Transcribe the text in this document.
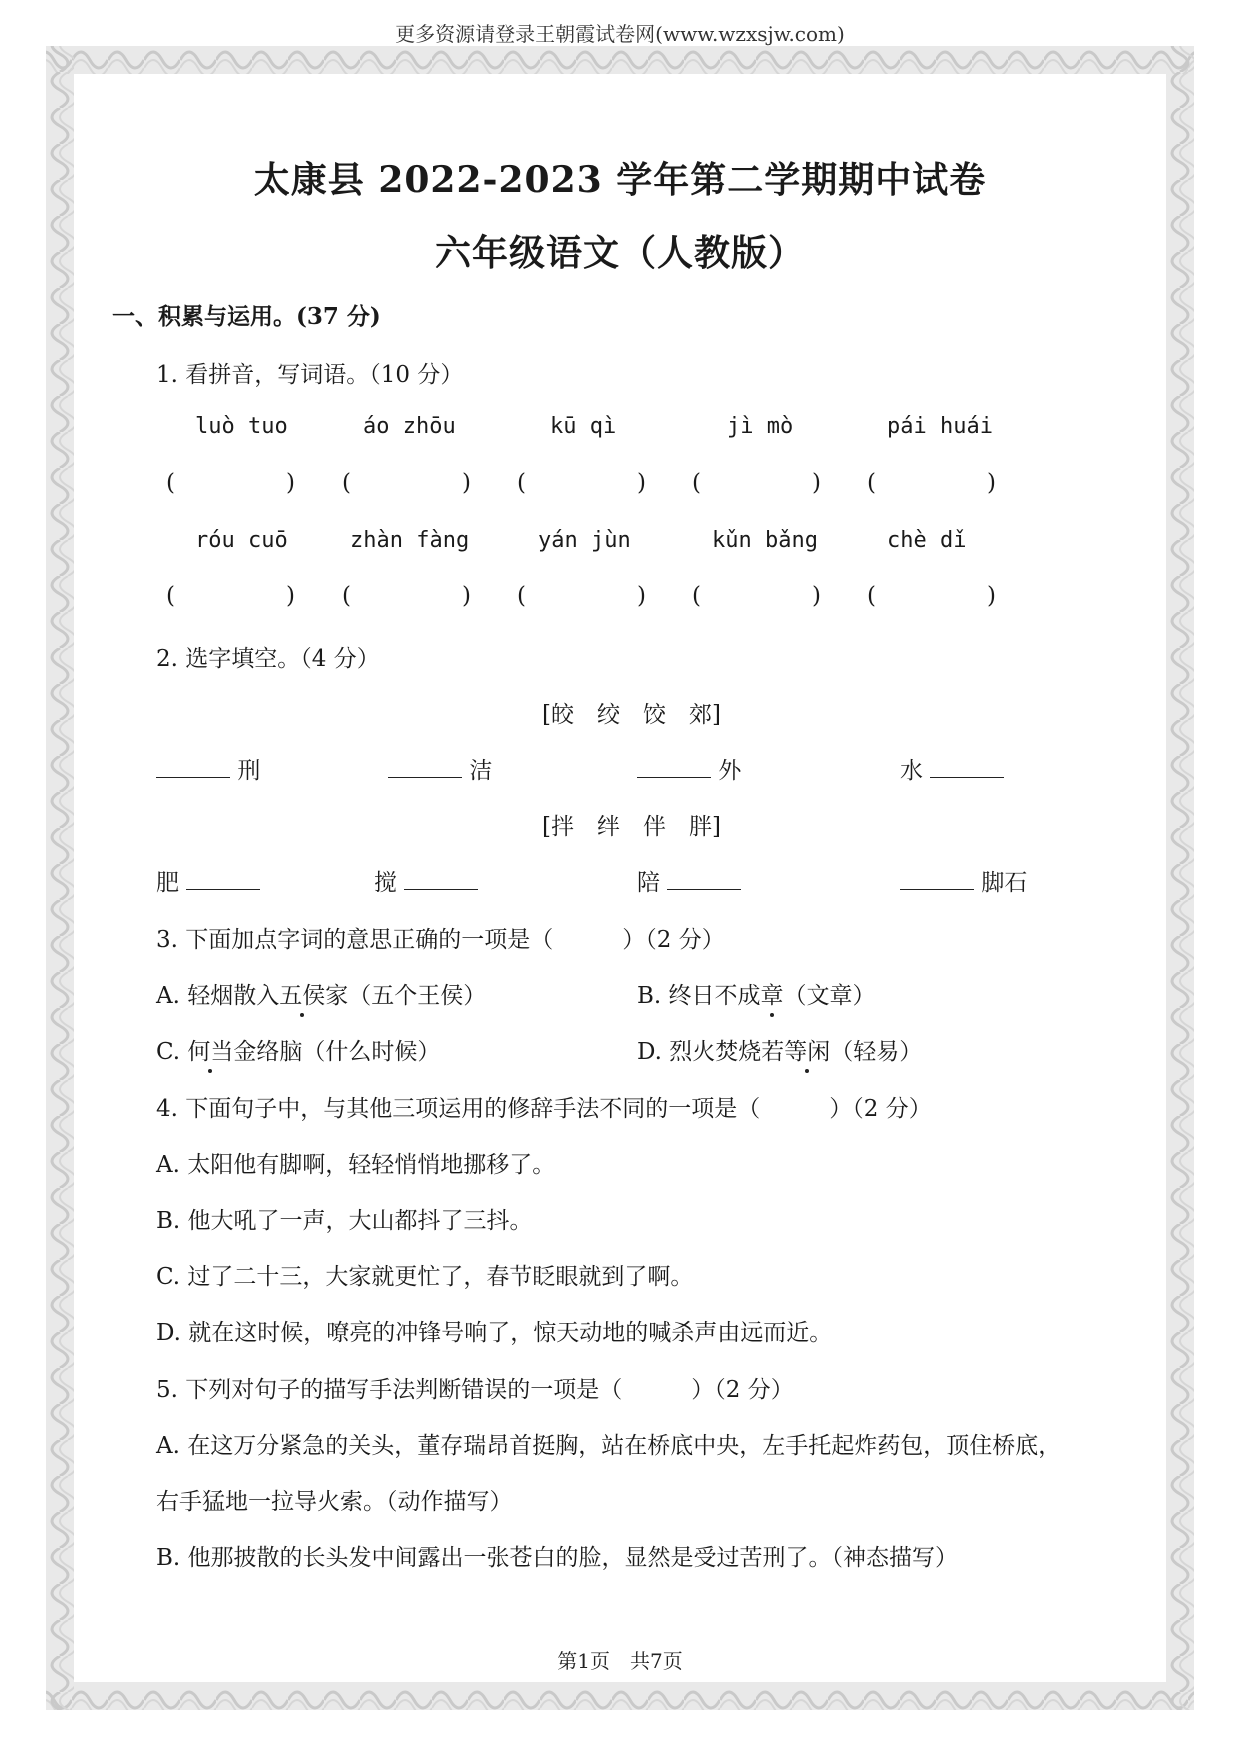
更多资源请登录王朝霞试卷网(www.wzxsjw.com)
太康县 2022-2023 学年第二学期期中试卷
六年级语文（人教版）
一、积累与运用。(37 分)
1. 看拼音，写词语。（10 分）
luò tuo	áo zhōu	kū qì	jì mò	pái huái
(	) (	) (	) (	) (	)
róu cuō	zhàn fàng	yán jùn	kǔn bǎng	chè dǐ
(	) (	) (	) (	) (	)
2. 选字填空。（4 分）
[皎　绞　饺　郊]
刑	洁	外	水
[拌　绊　伴　胖]
肥	搅	陪	脚石
3. 下面加点字词的意思正确的一项是（　　　）（2 分）
A. 轻烟散入五侯家（五个王侯）	B. 终日不成章（文章）
C. 何当金络脑（什么时候）	D. 烈火焚烧若等闲（轻易）
4. 下面句子中，与其他三项运用的修辞手法不同的一项是（　　　）（2 分）
A. 太阳他有脚啊，轻轻悄悄地挪移了。
B. 他大吼了一声，大山都抖了三抖。
C. 过了二十三，大家就更忙了，春节眨眼就到了啊。
D. 就在这时候，嘹亮的冲锋号响了，惊天动地的喊杀声由远而近。
5. 下列对句子的描写手法判断错误的一项是（　　　）（2 分）
A. 在这万分紧急的关头，董存瑞昂首挺胸，站在桥底中央，左手托起炸药包，顶住桥底，
右手猛地一拉导火索。（动作描写）
B. 他那披散的长头发中间露出一张苍白的脸，显然是受过苦刑了。（神态描写）
第1页　共7页
